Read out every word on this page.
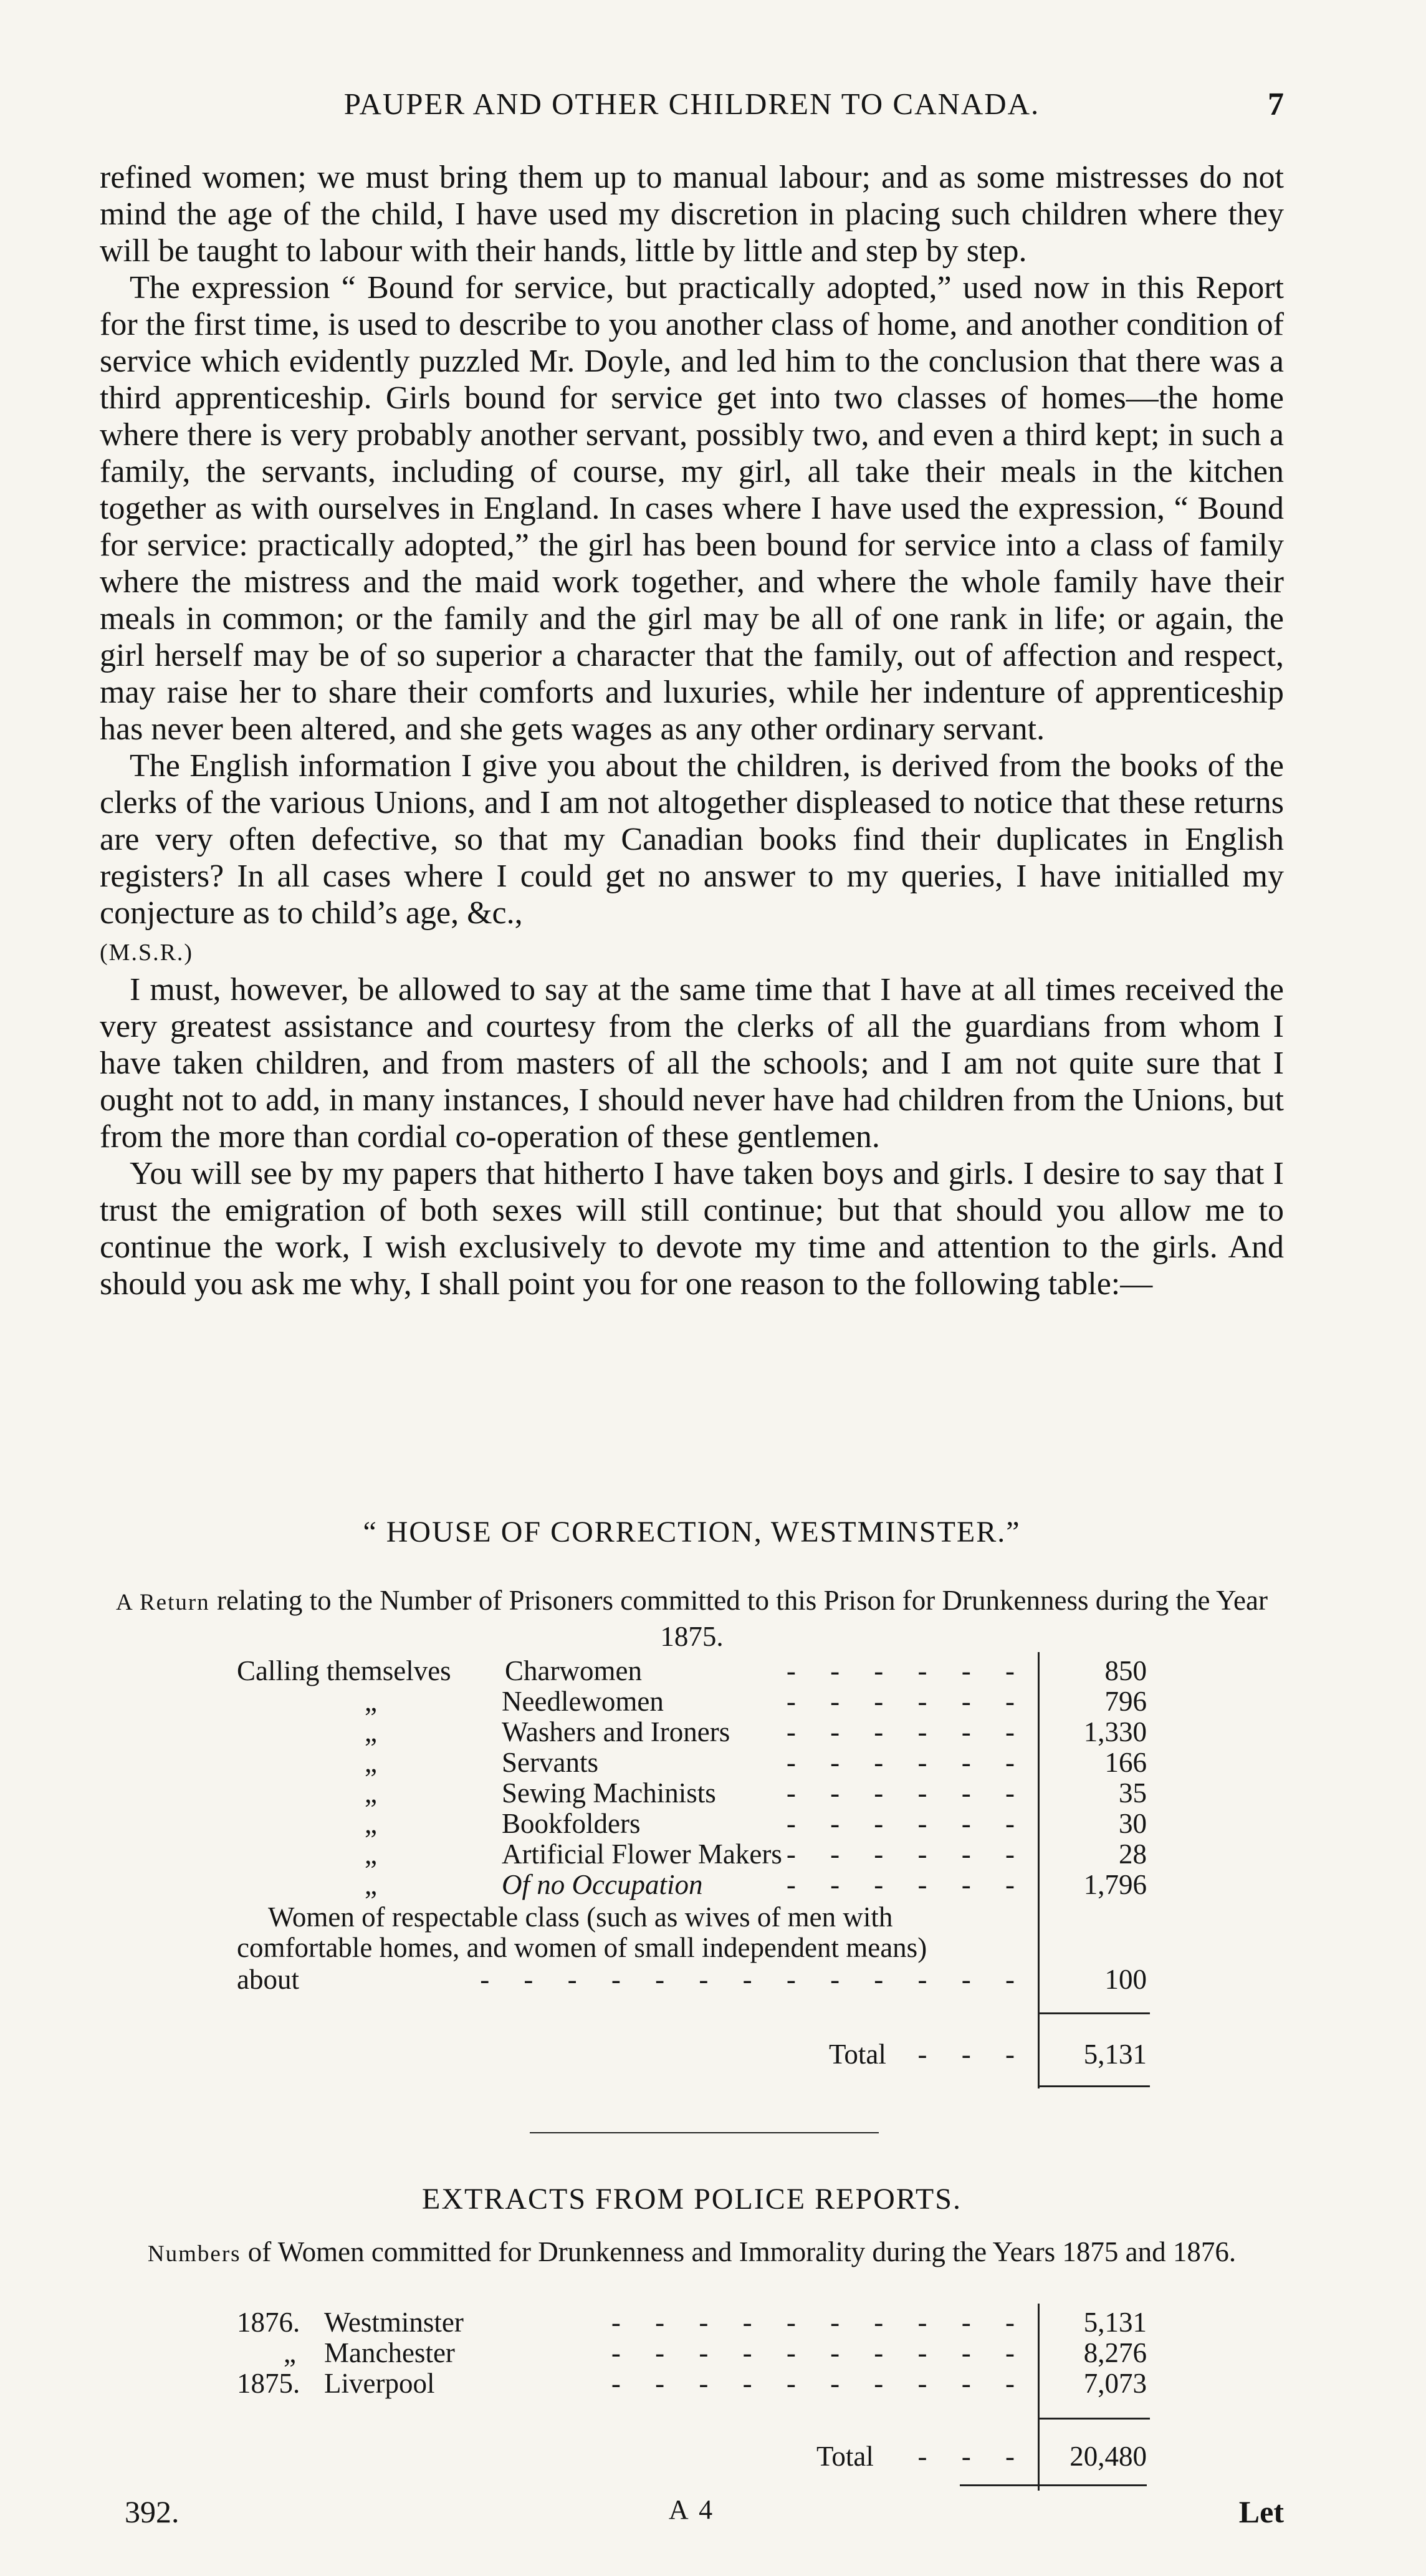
PAUPER AND OTHER CHILDREN TO CANADA.	7

refined women; we must bring them up to manual labour; and as some mistresses do not mind the age of the child, I have used my discretion in placing such children where they will be taught to labour with their hands, little by little and step by step.

The expression “ Bound for service, but practically adopted,” used now in this Report for the first time, is used to describe to you another class of home, and another condition of service which evidently puzzled Mr. Doyle, and led him to the conclusion that there was a third apprenticeship. Girls bound for service get into two classes of homes—the home where there is very probably another servant, possibly two, and even a third kept; in such a family, the servants, including of course, my girl, all take their meals in the kitchen together as with ourselves in England. In cases where I have used the expression, “ Bound for service: practically adopted,” the girl has been bound for service into a class of family where the mistress and the maid work together, and where the whole family have their meals in common; or the family and the girl may be all of one rank in life; or again, the girl herself may be of so superior a character that the family, out of affection and respect, may raise her to share their comforts and luxuries, while her indenture of apprenticeship has never been altered, and she gets wages as any other ordinary servant.

The English information I give you about the children, is derived from the books of the clerks of the various Unions, and I am not altogether displeased to notice that these returns are very often defective, so that my Canadian books find their duplicates in English registers? In all cases where I could get no answer to my queries, I have initialled my conjecture as to child’s age, &c.,
(M.S.R.)

I must, however, be allowed to say at the same time that I have at all times received the very greatest assistance and courtesy from the clerks of all the guardians from whom I have taken children, and from masters of all the schools; and I am not quite sure that I ought not to add, in many instances, I should never have had children from the Unions, but from the more than cordial co-operation of these gentlemen.

You will see by my papers that hitherto I have taken boys and girls. I desire to say that I trust the emigration of both sexes will still continue; but that should you allow me to continue the work, I wish exclusively to devote my time and attention to the girls. And should you ask me why, I shall point you for one reason to the following table:—

“ HOUSE OF CORRECTION, WESTMINSTER.”
A Return relating to the Number of Prisoners committed to this Prison for Drunkenness during the Year 1875.
Calling themselves Charwomen	- - - - - -	850
„	Needlewomen	- - - - - -	796
„	Washers and Ironers	- - - - - -	1,330
„	Servants	- - - - - -	166
„	Sewing Machinists	- - - - - -	35
„	Bookfolders	- - - - - -	30
„	Artificial Flower Makers - - - - - -	28
„	Of no Occupation	- - - - - -	1,796
Women of respectable class (such as wives of men with
comfortable homes, and women of small independent means)
about	- - - - - - - - - - - - -	100
Total	- - -	5,131
EXTRACTS FROM POLICE REPORTS.
Numbers of Women committed for Drunkenness and Immorality during the Years 1875 and 1876.
1876. Westminster	- - - - - - - - - -	5,131
„ Manchester	- - - - - - - - - -	8,276
1875. Liverpool	- - - - - - - - - -	7,073
Total	- - -	20,480
392.	A 4	Let
